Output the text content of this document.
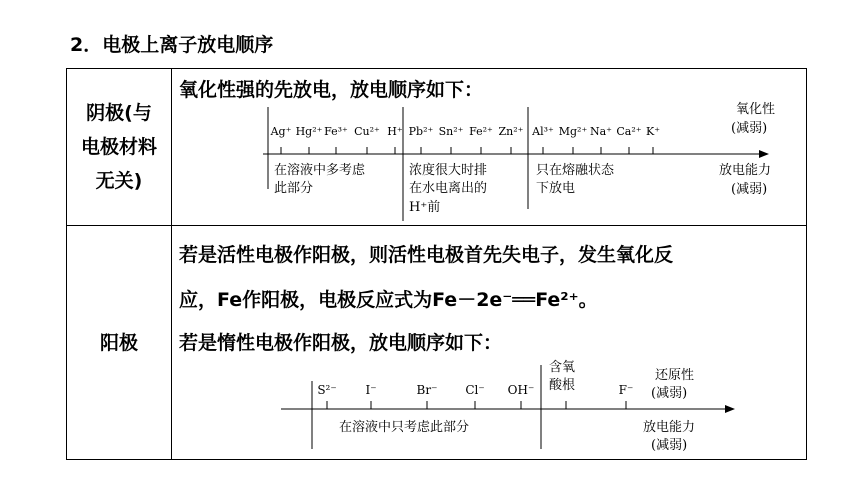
2．电极上离子放电顺序
阴极(与
电极材料
无关)
氧化性强的先放电，放电顺序如下：
Ag⁺ Hg²⁺ Fe³⁺ Cu²⁺ H⁺ Pb²⁺ Sn²⁺ Fe²⁺ Zn²⁺ Al³⁺ Mg²⁺ Na⁺ Ca²⁺ K⁺
氧化性
(减弱)
放电能力
(减弱)
在溶液中多考虑
此部分
浓度很大时排
在水电离出的
H⁺前
只在熔融状态
下放电
阳极
若是活性电极作阳极，则活性电极首先失电子，发生氧化反
应，Fe作阳极，电极反应式为Fe－2e⁻══Fe²⁺。
若是惰性电极作阳极，放电顺序如下：
S²⁻ I⁻	Br⁻ Cl⁻ OH⁻	F⁻
含氧
酸根
还原性
(减弱)
在溶液中只考虑此部分	放电能力
(减弱)
